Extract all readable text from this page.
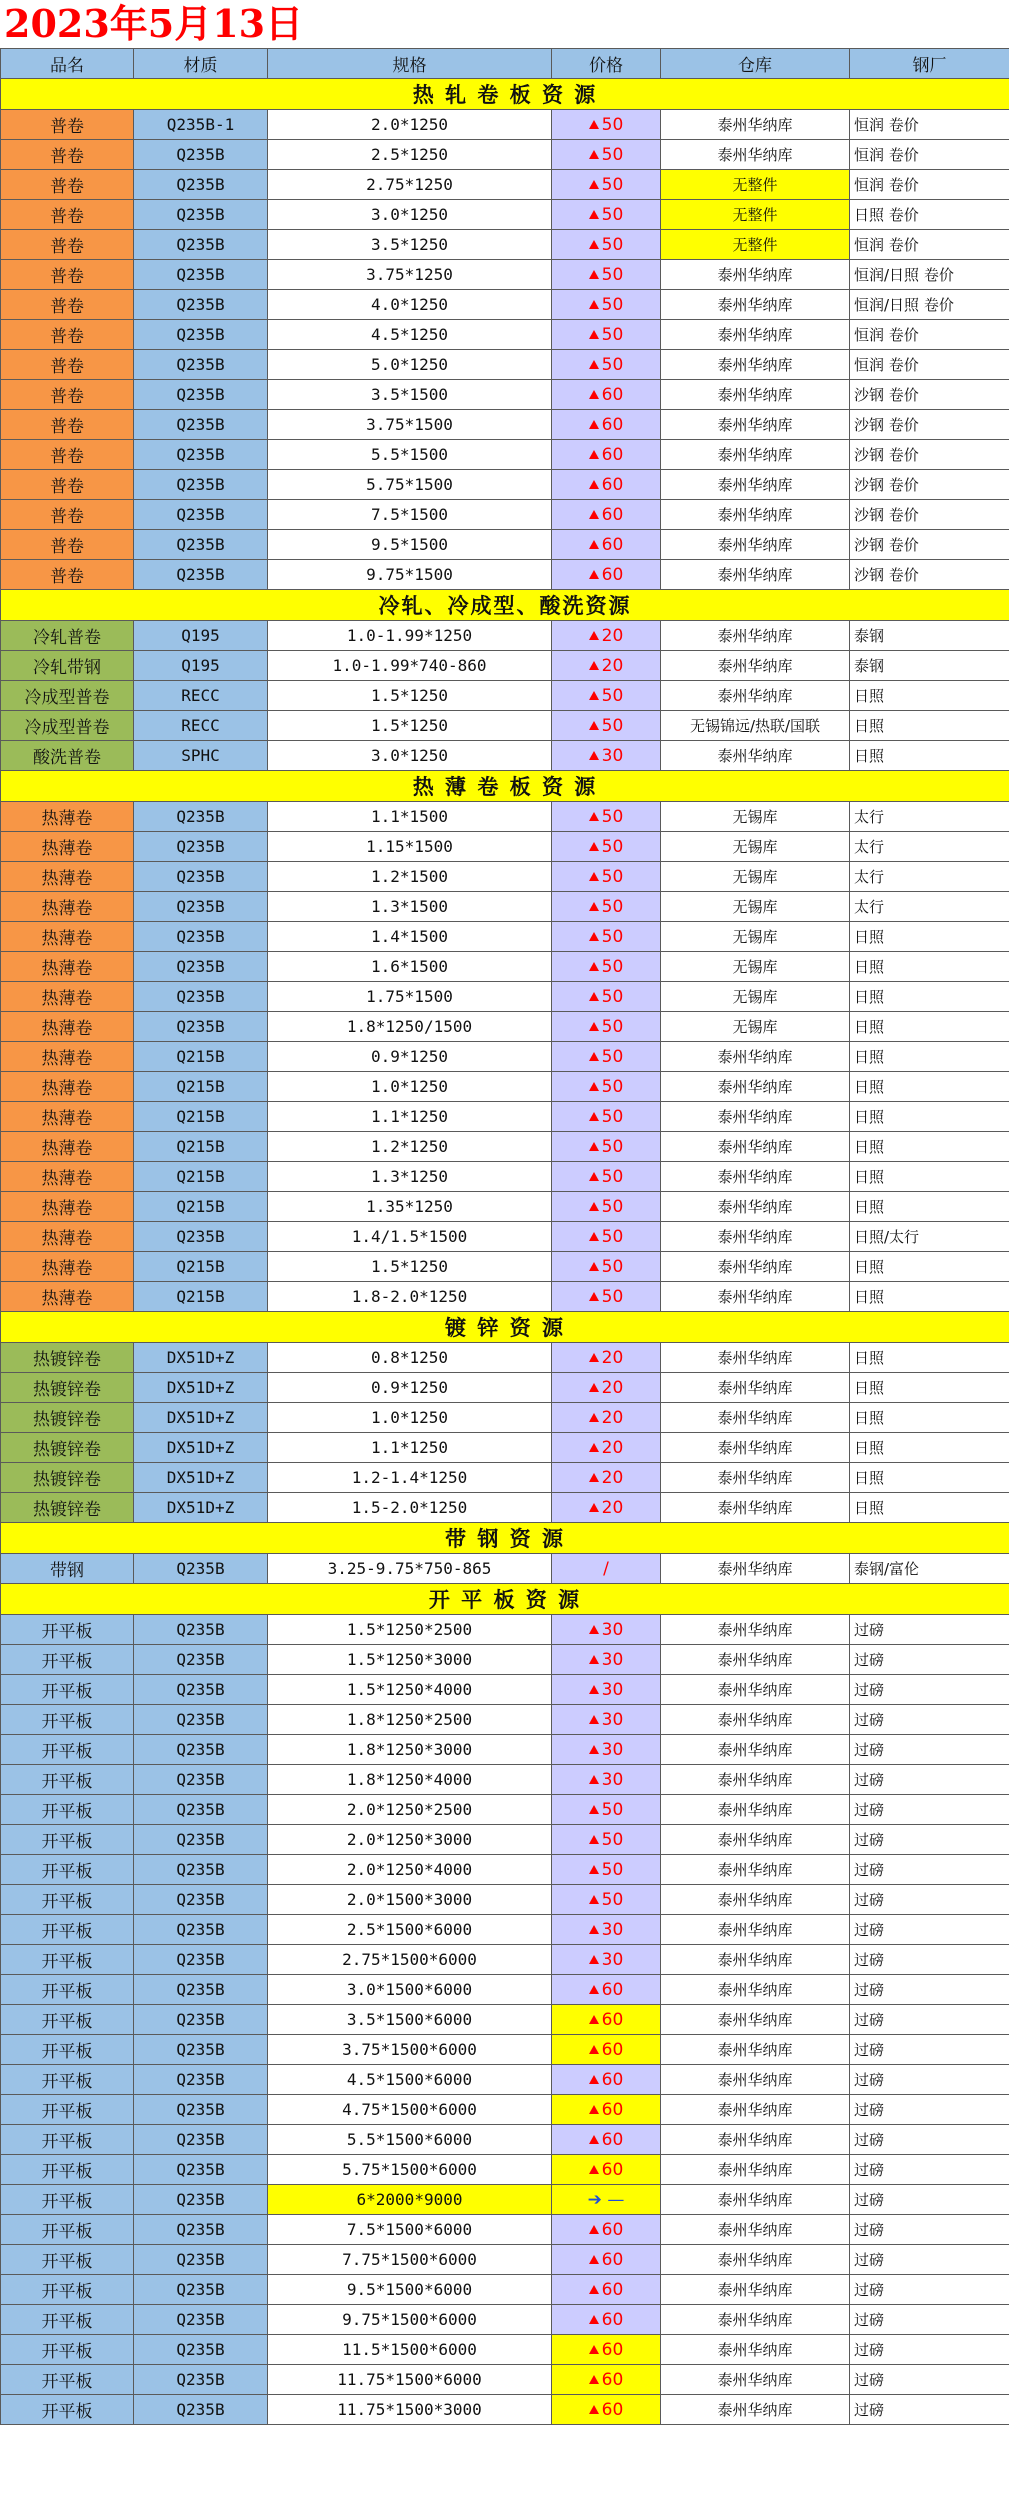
2023年5月13日
品名	材质	规格	价格	仓库	钢厂
热 轧 卷 板 资 源					
普卷	Q235B-1	2.0*1250	50	泰州华纳库	恒润 卷价
普卷	Q235B	2.5*1250	50	泰州华纳库	恒润 卷价
普卷	Q235B	2.75*1250	50	无整件	恒润 卷价
普卷	Q235B	3.0*1250	50	无整件	日照 卷价
普卷	Q235B	3.5*1250	50	无整件	恒润 卷价
普卷	Q235B	3.75*1250	50	泰州华纳库	恒润/日照 卷价
普卷	Q235B	4.0*1250	50	泰州华纳库	恒润/日照 卷价
普卷	Q235B	4.5*1250	50	泰州华纳库	恒润 卷价
普卷	Q235B	5.0*1250	50	泰州华纳库	恒润 卷价
普卷	Q235B	3.5*1500	60	泰州华纳库	沙钢 卷价
普卷	Q235B	3.75*1500	60	泰州华纳库	沙钢 卷价
普卷	Q235B	5.5*1500	60	泰州华纳库	沙钢 卷价
普卷	Q235B	5.75*1500	60	泰州华纳库	沙钢 卷价
普卷	Q235B	7.5*1500	60	泰州华纳库	沙钢 卷价
普卷	Q235B	9.5*1500	60	泰州华纳库	沙钢 卷价
普卷	Q235B	9.75*1500	60	泰州华纳库	沙钢 卷价
冷轧、冷成型、酸洗资源					
冷轧普卷	Q195	1.0-1.99*1250	20	泰州华纳库	泰钢
冷轧带钢	Q195	1.0-1.99*740-860	20	泰州华纳库	泰钢
冷成型普卷	RECC	1.5*1250	50	泰州华纳库	日照
冷成型普卷	RECC	1.5*1250	50	无锡锦远/热联/国联	日照
酸洗普卷	SPHC	3.0*1250	30	泰州华纳库	日照
热 薄 卷 板 资 源					
热薄卷	Q235B	1.1*1500	50	无锡库	太行
热薄卷	Q235B	1.15*1500	50	无锡库	太行
热薄卷	Q235B	1.2*1500	50	无锡库	太行
热薄卷	Q235B	1.3*1500	50	无锡库	太行
热薄卷	Q235B	1.4*1500	50	无锡库	日照
热薄卷	Q235B	1.6*1500	50	无锡库	日照
热薄卷	Q235B	1.75*1500	50	无锡库	日照
热薄卷	Q235B	1.8*1250/1500	50	无锡库	日照
热薄卷	Q215B	0.9*1250	50	泰州华纳库	日照
热薄卷	Q215B	1.0*1250	50	泰州华纳库	日照
热薄卷	Q215B	1.1*1250	50	泰州华纳库	日照
热薄卷	Q215B	1.2*1250	50	泰州华纳库	日照
热薄卷	Q215B	1.3*1250	50	泰州华纳库	日照
热薄卷	Q215B	1.35*1250	50	泰州华纳库	日照
热薄卷	Q235B	1.4/1.5*1500	50	泰州华纳库	日照/太行
热薄卷	Q215B	1.5*1250	50	泰州华纳库	日照
热薄卷	Q215B	1.8-2.0*1250	50	泰州华纳库	日照
镀 锌 资 源					
热镀锌卷	DX51D+Z	0.8*1250	20	泰州华纳库	日照
热镀锌卷	DX51D+Z	0.9*1250	20	泰州华纳库	日照
热镀锌卷	DX51D+Z	1.0*1250	20	泰州华纳库	日照
热镀锌卷	DX51D+Z	1.1*1250	20	泰州华纳库	日照
热镀锌卷	DX51D+Z	1.2-1.4*1250	20	泰州华纳库	日照
热镀锌卷	DX51D+Z	1.5-2.0*1250	20	泰州华纳库	日照
带 钢 资 源					
带钢	Q235B	3.25-9.75*750-865	/	泰州华纳库	泰钢/富伦
开 平 板 资 源					
开平板	Q235B	1.5*1250*2500	30	泰州华纳库	过磅
开平板	Q235B	1.5*1250*3000	30	泰州华纳库	过磅
开平板	Q235B	1.5*1250*4000	30	泰州华纳库	过磅
开平板	Q235B	1.8*1250*2500	30	泰州华纳库	过磅
开平板	Q235B	1.8*1250*3000	30	泰州华纳库	过磅
开平板	Q235B	1.8*1250*4000	30	泰州华纳库	过磅
开平板	Q235B	2.0*1250*2500	50	泰州华纳库	过磅
开平板	Q235B	2.0*1250*3000	50	泰州华纳库	过磅
开平板	Q235B	2.0*1250*4000	50	泰州华纳库	过磅
开平板	Q235B	2.0*1500*3000	50	泰州华纳库	过磅
开平板	Q235B	2.5*1500*6000	30	泰州华纳库	过磅
开平板	Q235B	2.75*1500*6000	30	泰州华纳库	过磅
开平板	Q235B	3.0*1500*6000	60	泰州华纳库	过磅
开平板	Q235B	3.5*1500*6000	60	泰州华纳库	过磅
开平板	Q235B	3.75*1500*6000	60	泰州华纳库	过磅
开平板	Q235B	4.5*1500*6000	60	泰州华纳库	过磅
开平板	Q235B	4.75*1500*6000	60	泰州华纳库	过磅
开平板	Q235B	5.5*1500*6000	60	泰州华纳库	过磅
开平板	Q235B	5.75*1500*6000	60	泰州华纳库	过磅
开平板	Q235B	6*2000*9000	➔ —	泰州华纳库	过磅
开平板	Q235B	7.5*1500*6000	60	泰州华纳库	过磅
开平板	Q235B	7.75*1500*6000	60	泰州华纳库	过磅
开平板	Q235B	9.5*1500*6000	60	泰州华纳库	过磅
开平板	Q235B	9.75*1500*6000	60	泰州华纳库	过磅
开平板	Q235B	11.5*1500*6000	60	泰州华纳库	过磅
开平板	Q235B	11.75*1500*6000	60	泰州华纳库	过磅
开平板	Q235B	11.75*1500*3000	60	泰州华纳库	过磅
